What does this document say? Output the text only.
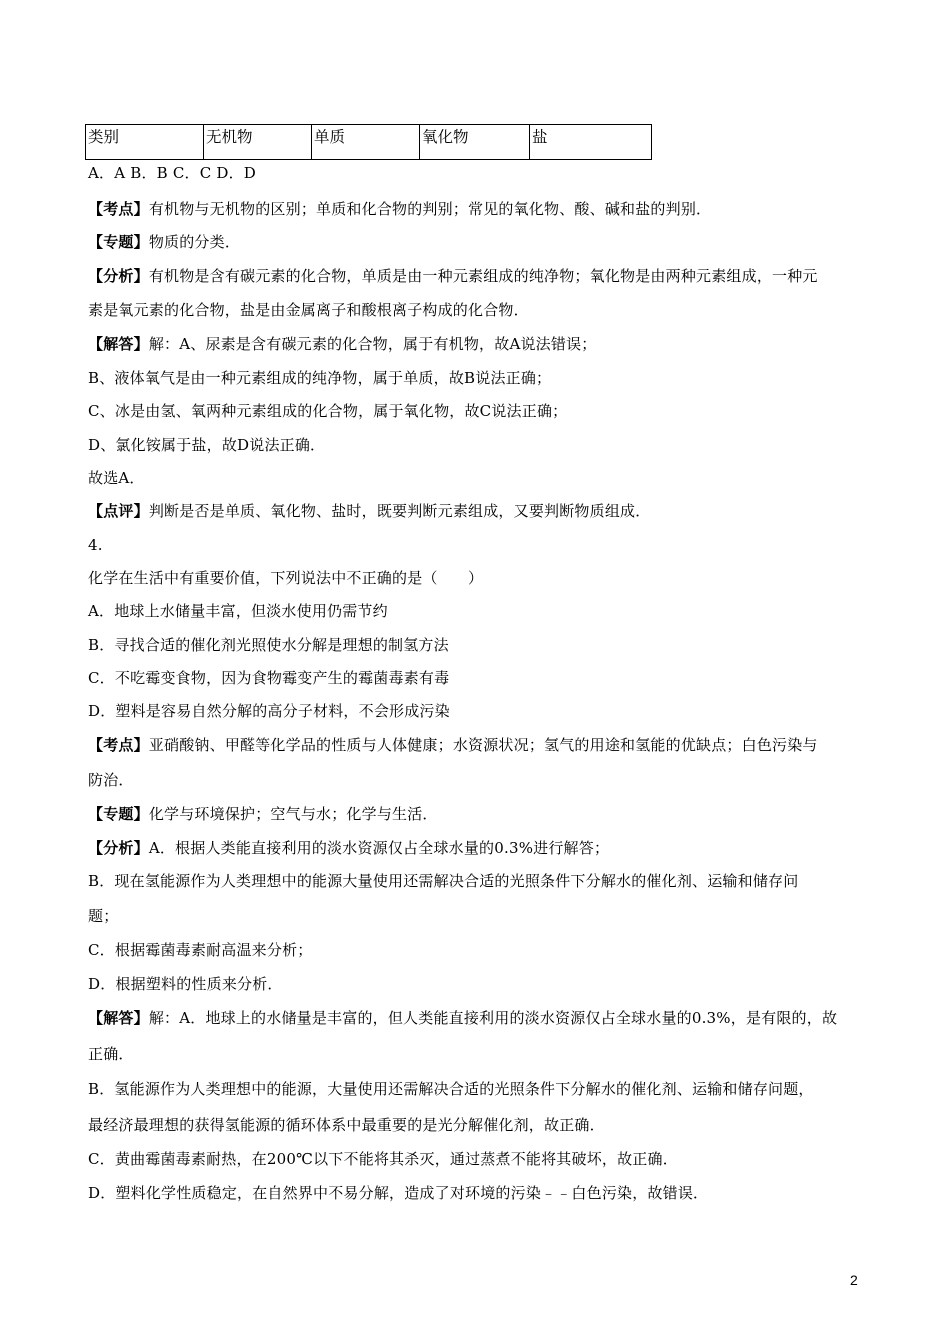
类别	无机物	单质	氧化物	盐
A．A B．B C．C D．D
【考点】有机物与无机物的区别；单质和化合物的判别；常见的氧化物、酸、碱和盐的判别．
【专题】物质的分类．
【分析】有机物是含有碳元素的化合物，单质是由一种元素组成的纯净物；氧化物是由两种元素组成，一种元
素是氧元素的化合物，盐是由金属离子和酸根离子构成的化合物．
【解答】解：A、尿素是含有碳元素的化合物，属于有机物，故A说法错误；
B、液体氧气是由一种元素组成的纯净物，属于单质，故B说法正确；
C、冰是由氢、氧两种元素组成的化合物，属于氧化物，故C说法正确；
D、氯化铵属于盐，故D说法正确．
故选A．
【点评】判断是否是单质、氧化物、盐时，既要判断元素组成，又要判断物质组成．
4.
化学在生活中有重要价值，下列说法中不正确的是（　　）
A．地球上水储量丰富，但淡水使用仍需节约
B．寻找合适的催化剂光照使水分解是理想的制氢方法
C．不吃霉变食物，因为食物霉变产生的霉菌毒素有毒
D．塑料是容易自然分解的高分子材料，不会形成污染
【考点】亚硝酸钠、甲醛等化学品的性质与人体健康；水资源状况；氢气的用途和氢能的优缺点；白色污染与
防治．
【专题】化学与环境保护；空气与水；化学与生活．
【分析】A．根据人类能直接利用的淡水资源仅占全球水量的0.3%进行解答；
B．现在氢能源作为人类理想中的能源大量使用还需解决合适的光照条件下分解水的催化剂、运输和储存问
题；
C．根据霉菌毒素耐高温来分析；
D．根据塑料的性质来分析．
【解答】解：A．地球上的水储量是丰富的，但人类能直接利用的淡水资源仅占全球水量的0.3%，是有限的，故
正确．
B．氢能源作为人类理想中的能源，大量使用还需解决合适的光照条件下分解水的催化剂、运输和储存问题，
最经济最理想的获得氢能源的循环体系中最重要的是光分解催化剂，故正确．
C．黄曲霉菌毒素耐热，在200℃以下不能将其杀灭，通过蒸煮不能将其破坏，故正确．
D．塑料化学性质稳定，在自然界中不易分解，造成了对环境的污染﹣﹣白色污染，故错误．
2
